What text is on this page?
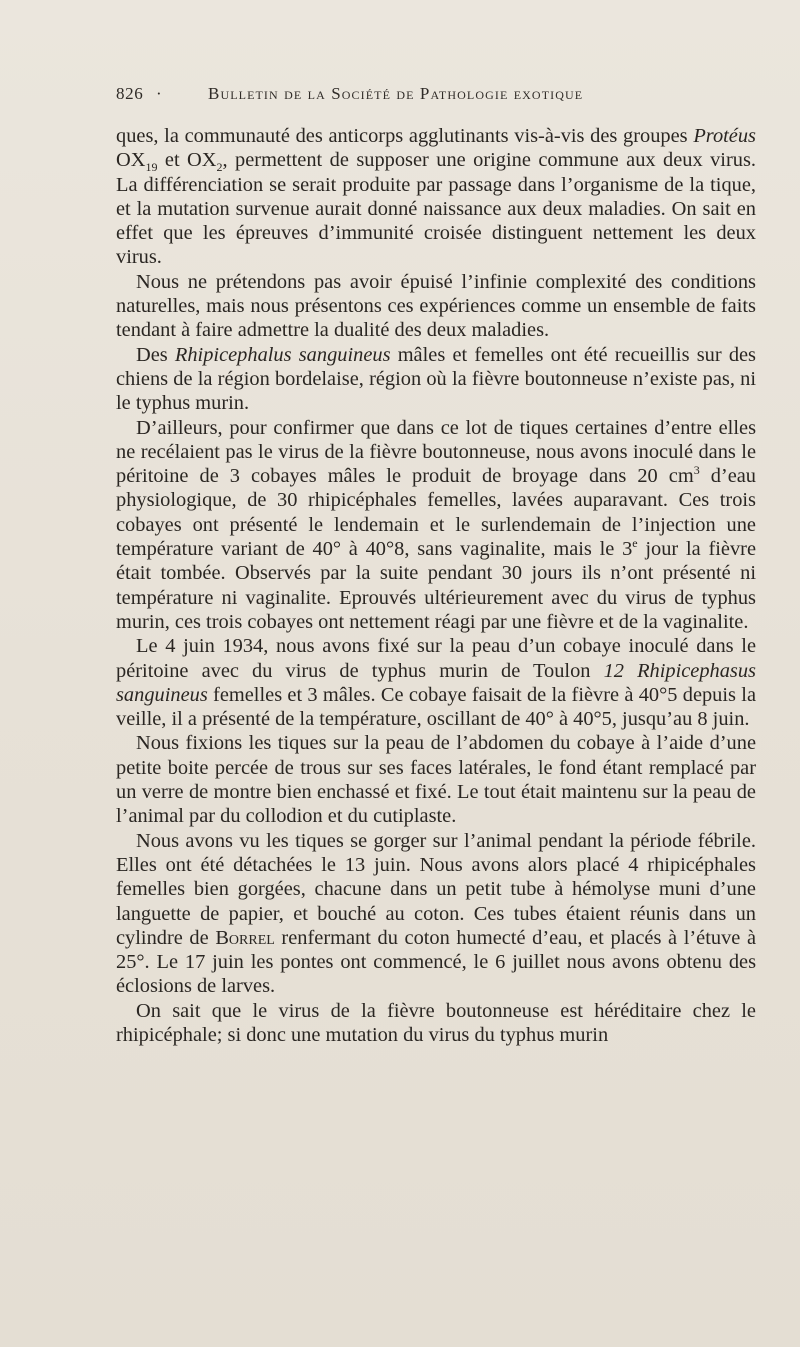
826 ·	Bulletin de la Société de Pathologie exotique

ques, la communauté des anticorps agglutinants vis-à-vis des groupes Protéus $OX_{19}$ et $OX_2$, permettent de supposer une origine commune aux deux virus. La différenciation se serait produite par passage dans l’organisme de la tique, et la mutation survenue aurait donné naissance aux deux maladies. On sait en effet que les épreuves d’immunité croisée distinguent nettement les deux virus.

Nous ne prétendons pas avoir épuisé l’infinie complexité des conditions naturelles, mais nous présentons ces expériences comme un ensemble de faits tendant à faire admettre la dualité des deux maladies.

Des Rhipicephalus sanguineus mâles et femelles ont été recueillis sur des chiens de la région bordelaise, région où la fièvre boutonneuse n’existe pas, ni le typhus murin.

D’ailleurs, pour confirmer que dans ce lot de tiques certaines d’entre elles ne recélaient pas le virus de la fièvre boutonneuse, nous avons inoculé dans le péritoine de 3 cobayes mâles le produit de broyage dans 20 $cm^3$ d’eau physiologique, de 30 rhipicéphales femelles, lavées auparavant. Ces trois cobayes ont présenté le lendemain et le surlendemain de l’injection une température variant de 40° à 40°8, sans vaginalite, mais le 3e jour la fièvre était tombée. Observés par la suite pendant 30 jours ils n’ont présenté ni température ni vaginalite. Eprouvés ultérieurement avec du virus de typhus murin, ces trois cobayes ont nettement réagi par une fièvre et de la vaginalite.

Le 4 juin 1934, nous avons fixé sur la peau d’un cobaye inoculé dans le péritoine avec du virus de typhus murin de Toulon 12 Rhipicephasus sanguineus femelles et 3 mâles. Ce cobaye faisait de la fièvre à 40°5 depuis la veille, il a présenté de la température, oscillant de 40° à 40°5, jusqu’au 8 juin.

Nous fixions les tiques sur la peau de l’abdomen du cobaye à l’aide d’une petite boite percée de trous sur ses faces latérales, le fond étant remplacé par un verre de montre bien enchassé et fixé. Le tout était maintenu sur la peau de l’animal par du collodion et du cutiplaste.

Nous avons vu les tiques se gorger sur l’animal pendant la période fébrile. Elles ont été détachées le 13 juin. Nous avons alors placé 4 rhipicéphales femelles bien gorgées, chacune dans un petit tube à hémolyse muni d’une languette de papier, et bouché au coton. Ces tubes étaient réunis dans un cylindre de Borrel renfermant du coton humecté d’eau, et placés à l’étuve à 25°. Le 17 juin les pontes ont commencé, le 6 juillet nous avons obtenu des éclosions de larves.

On sait que le virus de la fièvre boutonneuse est héréditaire chez le rhipicéphale; si donc une mutation du virus du typhus murin
